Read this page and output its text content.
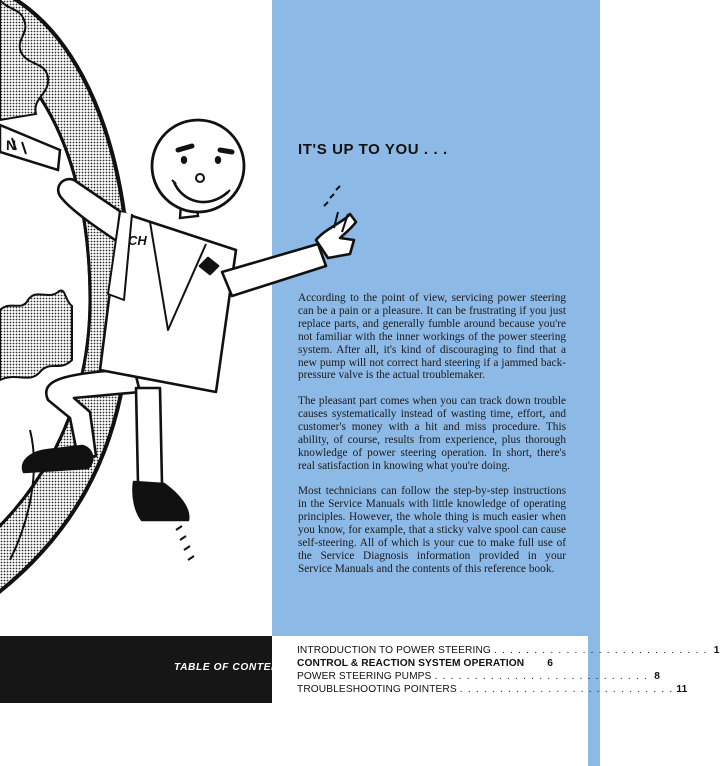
N
CH
IT'S UP TO YOU . . .

According to the point of view, servicing power steering can be a pain or a pleasure. It can be frustrating if you just replace parts, and generally fumble around because you're not familiar with the inner workings of the power steering system. After all, it's kind of discouraging to find that a new pump will not correct hard steering if a jammed back-pressure valve is the actual troublemaker.

The pleasant part comes when you can track down trouble causes systematically instead of wasting time, effort, and customer's money with a hit and miss procedure. This ability, of course, results from experience, plus thorough knowledge of power steering operation. In short, there's real satisfaction in knowing what you're doing.

Most technicians can follow the step-by-step instructions in the Service Manuals with little knowledge of operating principles. However, the whole thing is much easier when you know, for example, that a sticky valve spool can cause self-steering. All of which is your cue to make full use of the Service Diagnosis information provided in your Service Manuals and the contents of this reference book.

TABLE OF CONTENTS:
INTRODUCTION TO POWER STEERING . . . . . . . . . . . . . . . . . . . . . . . . . . . 1
CONTROL & REACTION SYSTEM OPERATION	6
POWER STEERING PUMPS . . . . . . . . . . . . . . . . . . . . . . . . . . . 8
TROUBLESHOOTING POINTERS . . . . . . . . . . . . . . . . . . . . . . . . . . . 11
